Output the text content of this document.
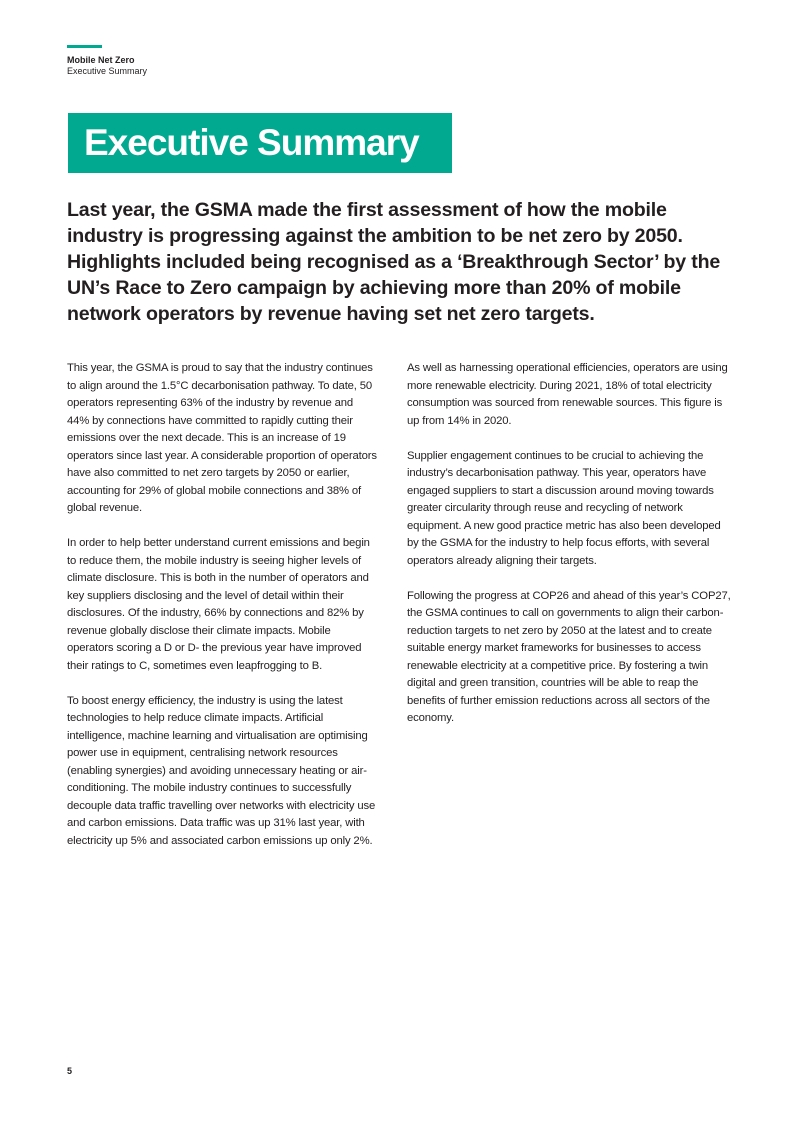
Mobile Net Zero
Executive Summary
Executive Summary

Last year, the GSMA made the first assessment of how the mobile industry is progressing against the ambition to be net zero by 2050. Highlights included being recognised as a ‘Breakthrough Sector’ by the UN’s Race to Zero campaign by achieving more than 20% of mobile network operators by revenue having set net zero targets.

This year, the GSMA is proud to say that the industry continues to align around the 1.5°C decarbonisation pathway. To date, 50 operators representing 63% of the industry by revenue and 44% by connections have committed to rapidly cutting their emissions over the next decade. This is an increase of 19 operators since last year. A considerable proportion of operators have also committed to net zero targets by 2050 or earlier, accounting for 29% of global mobile connections and 38% of global revenue.

In order to help better understand current emissions and begin to reduce them, the mobile industry is seeing higher levels of climate disclosure. This is both in the number of operators and key suppliers disclosing and the level of detail within their disclosures. Of the industry, 66% by connections and 82% by revenue globally disclose their climate impacts. Mobile operators scoring a D or D- the previous year have improved their ratings to C, sometimes even leapfrogging to B.

To boost energy efficiency, the industry is using the latest technologies to help reduce climate impacts. Artificial intelligence, machine learning and virtualisation are optimising power use in equipment, centralising network resources (enabling synergies) and avoiding unnecessary heating or air-conditioning. The mobile industry continues to successfully decouple data traffic travelling over networks with electricity use and carbon emissions. Data traffic was up 31% last year, with electricity up 5% and associated carbon emissions up only 2%.

As well as harnessing operational efficiencies, operators are using more renewable electricity. During 2021, 18% of total electricity consumption was sourced from renewable sources. This figure is up from 14% in 2020.

Supplier engagement continues to be crucial to achieving the industry’s decarbonisation pathway. This year, operators have engaged suppliers to start a discussion around moving towards greater circularity through reuse and recycling of network equipment. A new good practice metric has also been developed by the GSMA for the industry to help focus efforts, with several operators already aligning their targets.

Following the progress at COP26 and ahead of this year’s COP27, the GSMA continues to call on governments to align their carbon-reduction targets to net zero by 2050 at the latest and to create suitable energy market frameworks for businesses to access renewable electricity at a competitive price. By fostering a twin digital and green transition, countries will be able to reap the benefits of further emission reductions across all sectors of the economy.

5
